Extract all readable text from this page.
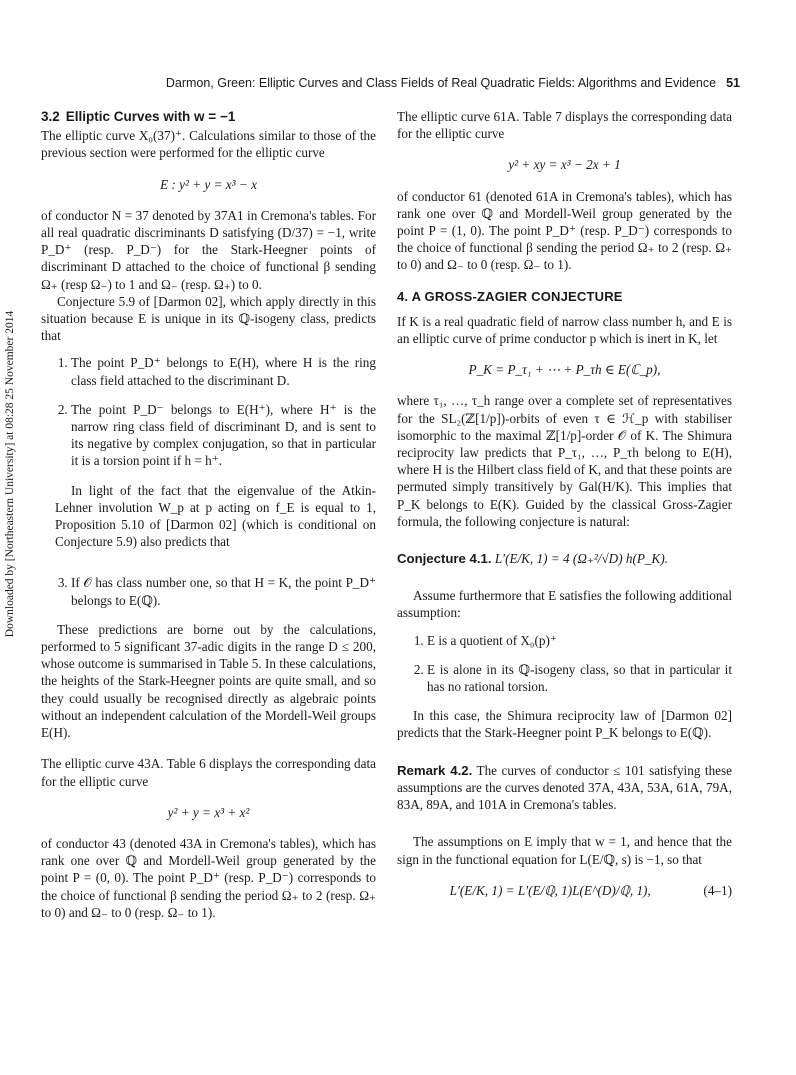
Darmon, Green: Elliptic Curves and Class Fields of Real Quadratic Fields: Algorithms and Evidence 51
Downloaded by [Northeastern University] at 08:28 25 November 2014
3.2 Elliptic Curves with w = −1

The elliptic curve X₀(37)⁺. Calculations similar to those of the previous section were performed for the elliptic curve

E : y² + y = x³ − x

of conductor N = 37 denoted by 37A1 in Cremona's tables. For all real quadratic discriminants D satisfying (D/37) = −1, write P_D⁺ (resp. P_D⁻) for the Stark-Heegner points of discriminant D attached to the choice of functional β sending Ω₊ (resp Ω₋) to 1 and Ω₋ (resp. Ω₊) to 0.

Conjecture 5.9 of [Darmon 02], which apply directly in this situation because E is unique in its ℚ-isogeny class, predicts that

1. The point P_D⁺ belongs to E(H), where H is the ring class field attached to the discriminant D.
2. The point P_D⁻ belongs to E(H⁺), where H⁺ is the narrow ring class field of discriminant D, and is sent to its negative by complex conjugation, so that in particular it is a torsion point if h = h⁺.

In light of the fact that the eigenvalue of the Atkin-Lehner involution W_p at p acting on f_E is equal to 1, Proposition 5.10 of [Darmon 02] (which is conditional on Conjecture 5.9) also predicts that

3. If 𝒪 has class number one, so that H = K, the point P_D⁺ belongs to E(ℚ).

These predictions are borne out by the calculations, performed to 5 significant 37-adic digits in the range D ≤ 200, whose outcome is summarised in Table 5. In these calculations, the heights of the Stark-Heegner points are quite small, and so they could usually be recognised directly as algebraic points without an independent calculation of the Mordell-Weil groups E(H).

The elliptic curve 43A. Table 6 displays the corresponding data for the elliptic curve

y² + y = x³ + x²

of conductor 43 (denoted 43A in Cremona's tables), which has rank one over ℚ and Mordell-Weil group generated by the point P = (0, 0). The point P_D⁺ (resp. P_D⁻) corresponds to the choice of functional β sending the period Ω₊ to 2 (resp. Ω₊ to 0) and Ω₋ to 0 (resp. Ω₋ to 1).

The elliptic curve 61A. Table 7 displays the corresponding data for the elliptic curve

y² + xy = x³ − 2x + 1

of conductor 61 (denoted 61A in Cremona's tables), which has rank one over ℚ and Mordell-Weil group generated by the point P = (1, 0). The point P_D⁺ (resp. P_D⁻) corresponds to the choice of functional β sending the period Ω₊ to 2 (resp. Ω₊ to 0) and Ω₋ to 0 (resp. Ω₋ to 1).

4. A GROSS-ZAGIER CONJECTURE

If K is a real quadratic field of narrow class number h, and E is an elliptic curve of prime conductor p which is inert in K, let

P_K = P_τ₁ + ⋯ + P_τh ∈ E(ℂ_p),

where τ₁, …, τ_h range over a complete set of representatives for the SL₂(ℤ[1/p])-orbits of even τ ∈ ℋ_p with stabiliser isomorphic to the maximal ℤ[1/p]-order 𝒪 of K. The Shimura reciprocity law predicts that P_τ₁, …, P_τh belong to E(H), where H is the Hilbert class field of K, and that these points are permuted simply transitively by Gal(H/K). This implies that P_K belongs to E(K). Guided by the classical Gross-Zagier formula, the following conjecture is natural:

Conjecture 4.1. L′(E/K, 1) = 4 (Ω₊²/√D) h(P_K).

Assume furthermore that E satisfies the following additional assumption:

1. E is a quotient of X₀(p)⁺
2. E is alone in its ℚ-isogeny class, so that in particular it has no rational torsion.

In this case, the Shimura reciprocity law of [Darmon 02] predicts that the Stark-Heegner point P_K belongs to E(ℚ).

Remark 4.2. The curves of conductor ≤ 101 satisfying these assumptions are the curves denoted 37A, 43A, 53A, 61A, 79A, 83A, 89A, and 101A in Cremona's tables.

The assumptions on E imply that w = 1, and hence that the sign in the functional equation for L(E/ℚ, s) is −1, so that

L′(E/K, 1) = L′(E/ℚ, 1)L(E^(D)/ℚ, 1),	(4–1)
